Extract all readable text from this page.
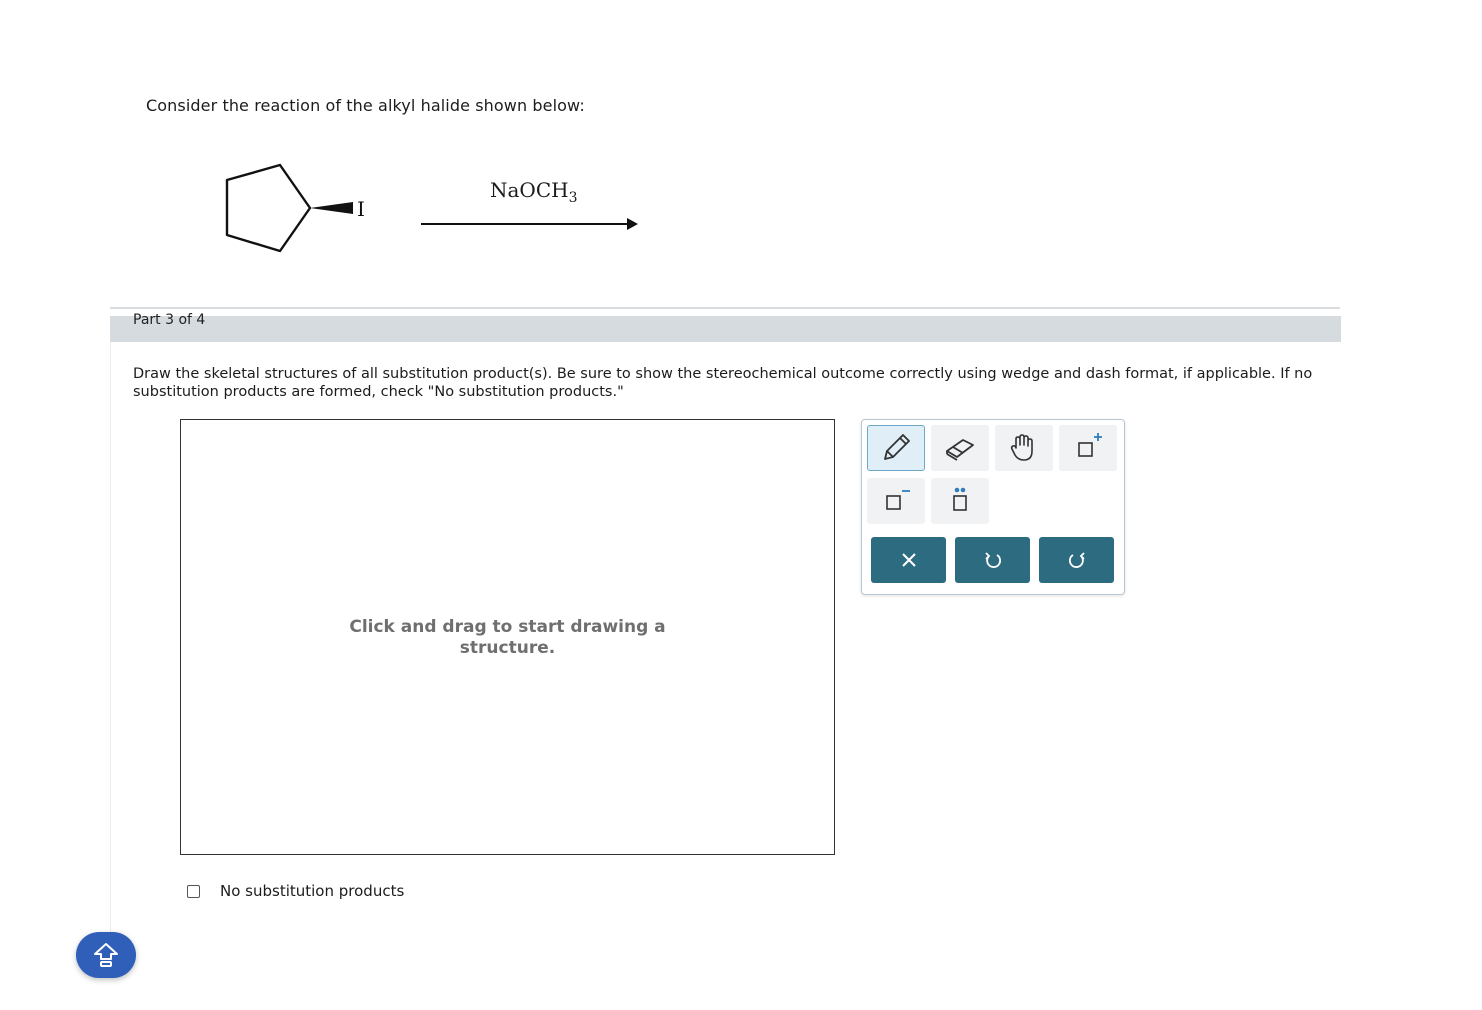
Consider the reaction of the alkyl halide shown below:
I
NaOCH$_3$
Part 3 of 4
Draw the skeletal structures of all substitution product(s). Be sure to show the stereochemical outcome correctly using wedge and dash format, if applicable. If no substitution products are formed, check "No substitution products."
Click and drag to start drawing a structure.
No substitution products
